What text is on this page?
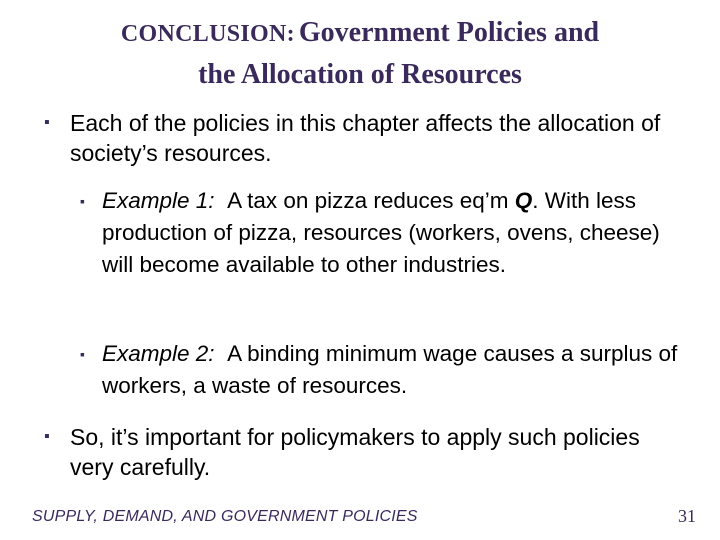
CONCLUSION: Government Policies and
the Allocation of Resources
▪ Each of the policies in this chapter affects the allocation of society’s resources.
▪ Example 1: A tax on pizza reduces eq’m Q. With less production of pizza, resources (workers, ovens, cheese) will become available to other industries.
▪ Example 2: A binding minimum wage causes a surplus of workers, a waste of resources.
▪ So, it’s important for policymakers to apply such policies very carefully.
SUPPLY, DEMAND, AND GOVERNMENT POLICIES	31
